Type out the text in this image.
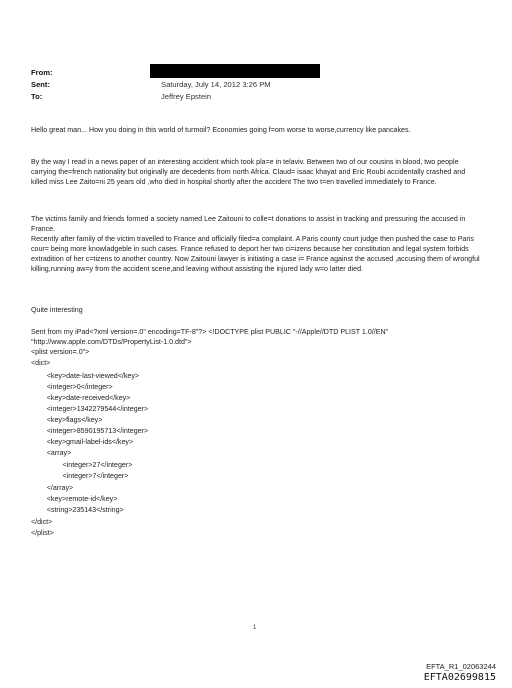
From:
Sent:	Saturday, July 14, 2012 3:26 PM
To:	Jeffrey Epstein

Hello great man... How you doing in this world of turmoil? Economies going f=om worse to worse,currency like pancakes.

By the way I read in a news paper of an interesting accident which took pla=e in telaviv. Between two of our cousins in blood, two people carrying the=french nationality but originally are decedents from north Africa. Claud= isaac khayat and Eric Roubi accidentally crashed and killed miss Lee Zaito=ni 25 years old ,who died in hospital shortly after the accident The two t=en travelled immediately to France.

The victims family and friends formed a society named Lee Zaitouni to colle=t donations to assist in tracking and pressuring the accused in France.

Recently after family of the victim travelled to France and officially filed=a complaint. A Paris county court judge then pushed the case to Paris cour= being more knowladgeble in such cases. France refused to deport her two ci=izens because her constitution and legal system forbids extradition of her c=tizens to another country. Now Zaitouni lawyer is initiating a case i= France against the accused ,accusing them of wrongful killing,running aw=y from the accident scene,and leaving without assisting the injured lady w=o latter died.

Quite interesting

Sent from my iPad<?xml version=.0" encoding=TF-8"?> <!DOCTYPE plist PUBLIC "-//Apple//DTD PLIST 1.0//EN" "http://www.apple.com/DTDs/PropertyList-1.0.dtd">

<plist version=.0">
<dict>
<key>date-last-viewed</key>
<integer>0</integer>
<key>date-received</key>
<integer>1342279544</integer>
<key>flags</key>
<integer>8590195713</integer>
<key>gmail-label-ids</key>
<array>
<integer>27</integer>
<integer>7</integer>
</array>
<key>remote-id</key>
<string>235143</string>
</dict>
</plist>
1
EFTA_R1_02063244
EFTA02699815
